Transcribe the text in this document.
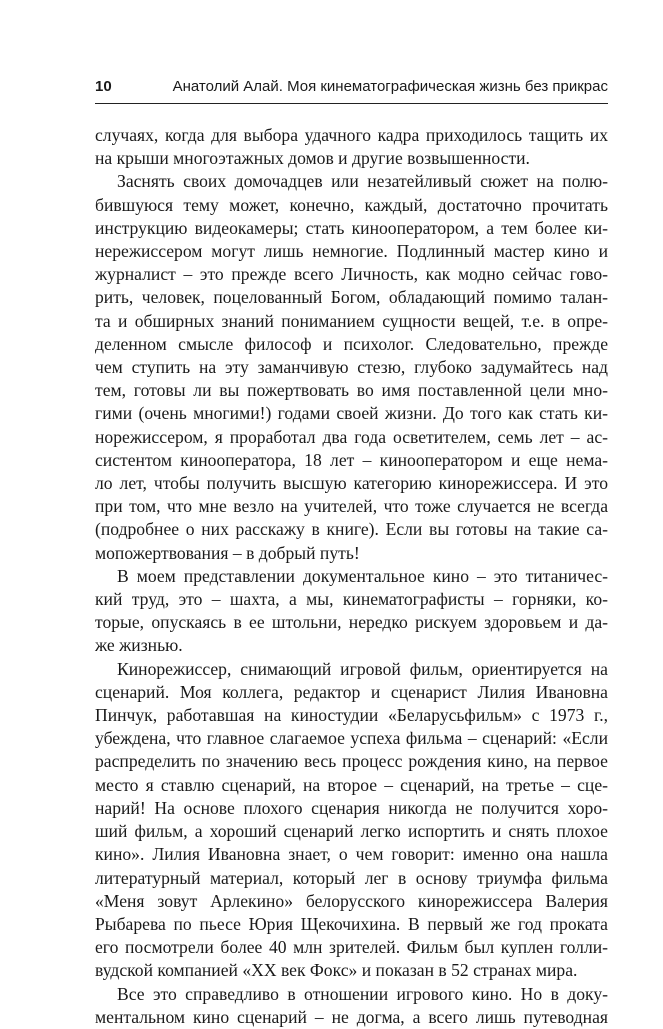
10	Анатолий Алай. Моя кинематографическая жизнь без прикрас
случаях, когда для выбора удачного кадра приходилось тащить их
на крыши многоэтажных домов и другие возвышенности.
Заснять своих домочадцев или незатейливый сюжет на полю-
бившуюся тему может, конечно, каждый, достаточно прочитать
инструкцию видеокамеры; стать кинооператором, а тем более ки-
нережиссером могут лишь немногие. Подлинный мастер кино и
журналист – это прежде всего Личность, как модно сейчас гово-
рить, человек, поцелованный Богом, обладающий помимо талан-
та и обширных знаний пониманием сущности вещей, т.е. в опре-
деленном смысле философ и психолог. Следовательно, прежде
чем ступить на эту заманчивую стезю, глубоко задумайтесь над
тем, готовы ли вы пожертвовать во имя поставленной цели мно-
гими (очень многими!) годами своей жизни. До того как стать ки-
норежиссером, я проработал два года осветителем, семь лет – ас-
систентом кинооператора, 18 лет – кинооператором и еще нема-
ло лет, чтобы получить высшую категорию кинорежиссера. И это
при том, что мне везло на учителей, что тоже случается не всегда
(подробнее о них расскажу в книге). Если вы готовы на такие са-
мопожертвования – в добрый путь!
В моем представлении документальное кино – это титаничес-
кий труд, это – шахта, а мы, кинематографисты – горняки, ко-
торые, опускаясь в ее штольни, нередко рискуем здоровьем и да-
же жизнью.
Кинорежиссер, снимающий игровой фильм, ориентируется на
сценарий. Моя коллега, редактор и сценарист Лилия Ивановна
Пинчук, работавшая на киностудии «Беларусьфильм» с 1973 г.,
убеждена, что главное слагаемое успеха фильма – сценарий: «Если
распределить по значению весь процесс рождения кино, на первое
место я ставлю сценарий, на второе – сценарий, на третье – сце-
нарий! На основе плохого сценария никогда не получится хоро-
ший фильм, а хороший сценарий легко испортить и снять плохое
кино». Лилия Ивановна знает, о чем говорит: именно она нашла
литературный материал, который лег в основу триумфа фильма
«Меня зовут Арлекино» белорусского кинорежиссера Валерия
Рыбарева по пьесе Юрия Щекочихина. В первый же год проката
его посмотрели более 40 млн зрителей. Фильм был куплен голли-
вудской компанией «XX век Фокс» и показан в 52 странах мира.
Все это справедливо в отношении игрового кино. Но в доку-
ментальном кино сценарий – не догма, а всего лишь путеводная
